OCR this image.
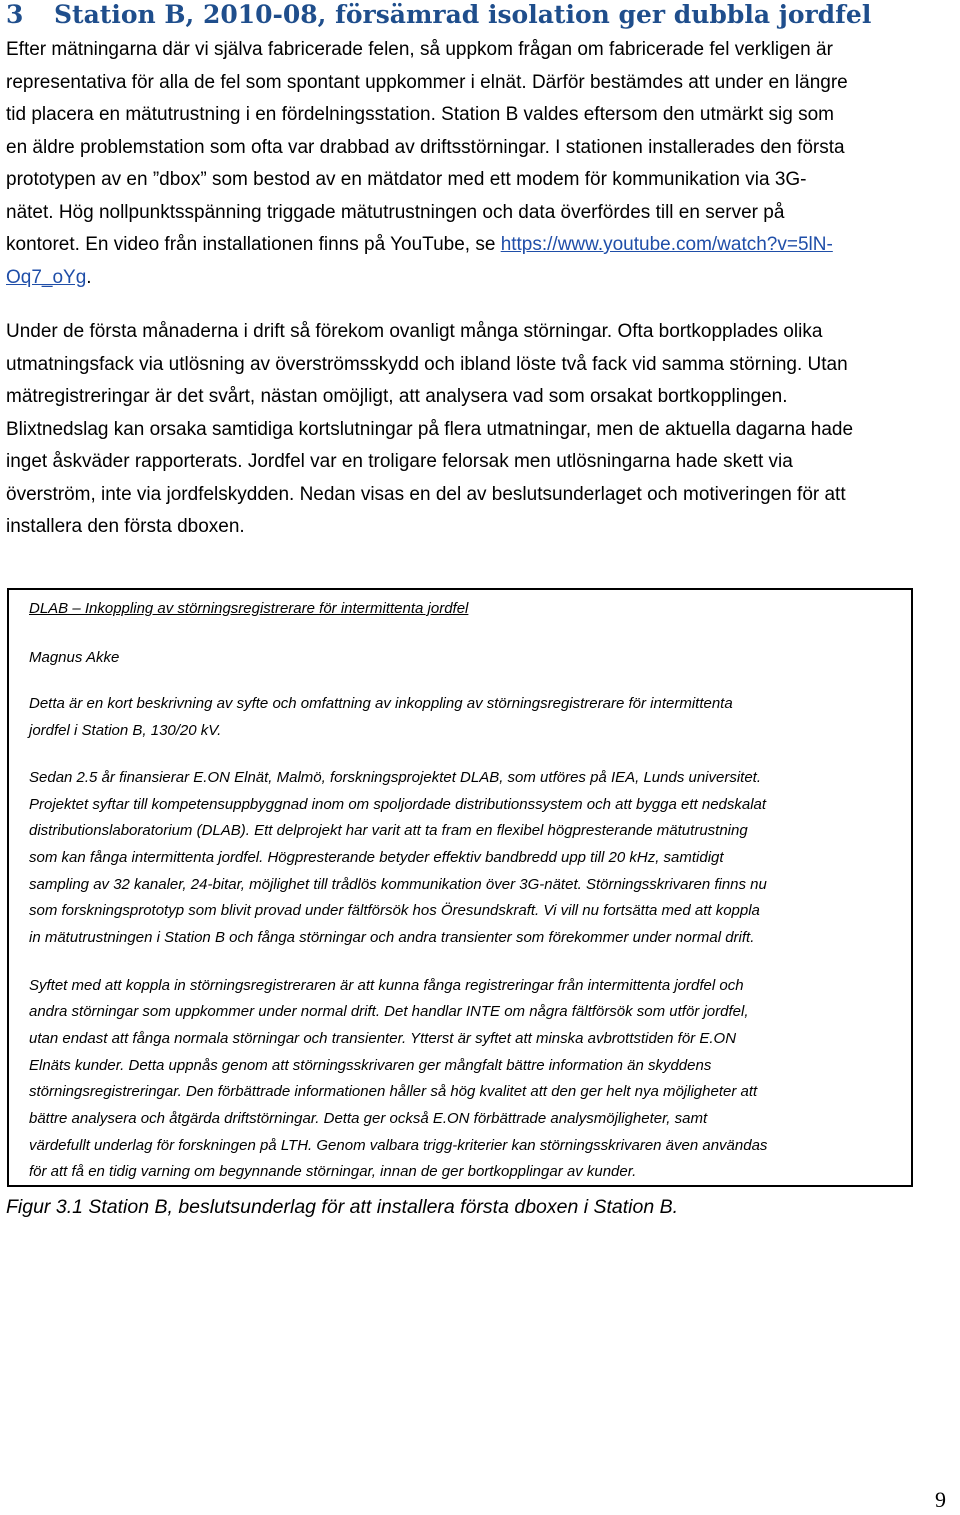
3 Station B, 2010-08, försämrad isolation ger dubbla jordfel
Efter mätningarna där vi själva fabricerade felen, så uppkom frågan om fabricerade fel verkligen är
representativa för alla de fel som spontant uppkommer i elnät. Därför bestämdes att under en längre
tid placera en mätutrustning i en fördelningsstation. Station B valdes eftersom den utmärkt sig som
en äldre problemstation som ofta var drabbad av driftsstörningar. I stationen installerades den första
prototypen av en ”dbox” som bestod av en mätdator med ett modem för kommunikation via 3G-
nätet. Hög nollpunktsspänning triggade mätutrustningen och data överfördes till en server på
kontoret. En video från installationen finns på YouTube, se https://www.youtube.com/watch?v=5lN-
Oq7_oYg.
Under de första månaderna i drift så förekom ovanligt många störningar. Ofta bortkopplades olika
utmatningsfack via utlösning av överströmsskydd och ibland löste två fack vid samma störning. Utan
mätregistreringar är det svårt, nästan omöjligt, att analysera vad som orsakat bortkopplingen.
Blixtnedslag kan orsaka samtidiga kortslutningar på flera utmatningar, men de aktuella dagarna hade
inget åskväder rapporterats. Jordfel var en troligare felorsak men utlösningarna hade skett via
överström, inte via jordfelskydden. Nedan visas en del av beslutsunderlaget och motiveringen för att
installera den första dboxen.

DLAB – Inkoppling av störningsregistrerare för intermittenta jordfel

Magnus Akke

Detta är en kort beskrivning av syfte och omfattning av inkoppling av störningsregistrerare för intermittenta

jordfel i Station B, 130/20 kV.

Sedan 2.5 år finansierar E.ON Elnät, Malmö, forskningsprojektet DLAB, som utföres på IEA, Lunds universitet.

Projektet syftar till kompetensuppbyggnad inom om spoljordade distributionssystem och att bygga ett nedskalat

distributionslaboratorium (DLAB). Ett delprojekt har varit att ta fram en flexibel högpresterande mätutrustning

som kan fånga intermittenta jordfel. Högpresterande betyder effektiv bandbredd upp till 20 kHz, samtidigt

sampling av 32 kanaler, 24-bitar, möjlighet till trådlös kommunikation över 3G-nätet. Störningsskrivaren finns nu

som forskningsprototyp som blivit provad under fältförsök hos Öresundskraft. Vi vill nu fortsätta med att koppla

in mätutrustningen i Station B och fånga störningar och andra transienter som förekommer under normal drift.

Syftet med att koppla in störningsregistreraren är att kunna fånga registreringar från intermittenta jordfel och

andra störningar som uppkommer under normal drift. Det handlar INTE om några fältförsök som utför jordfel,

utan endast att fånga normala störningar och transienter. Ytterst är syftet att minska avbrottstiden för E.ON

Elnäts kunder. Detta uppnås genom att störningsskrivaren ger mångfalt bättre information än skyddens

störningsregistreringar. Den förbättrade informationen håller så hög kvalitet att den ger helt nya möjligheter att

bättre analysera och åtgärda driftstörningar. Detta ger också E.ON förbättrade analysmöjligheter, samt

värdefullt underlag för forskningen på LTH. Genom valbara trigg-kriterier kan störningsskrivaren även användas

för att få en tidig varning om begynnande störningar, innan de ger bortkopplingar av kunder.

Figur 3.1 Station B, beslutsunderlag för att installera första dboxen i Station B.

9
